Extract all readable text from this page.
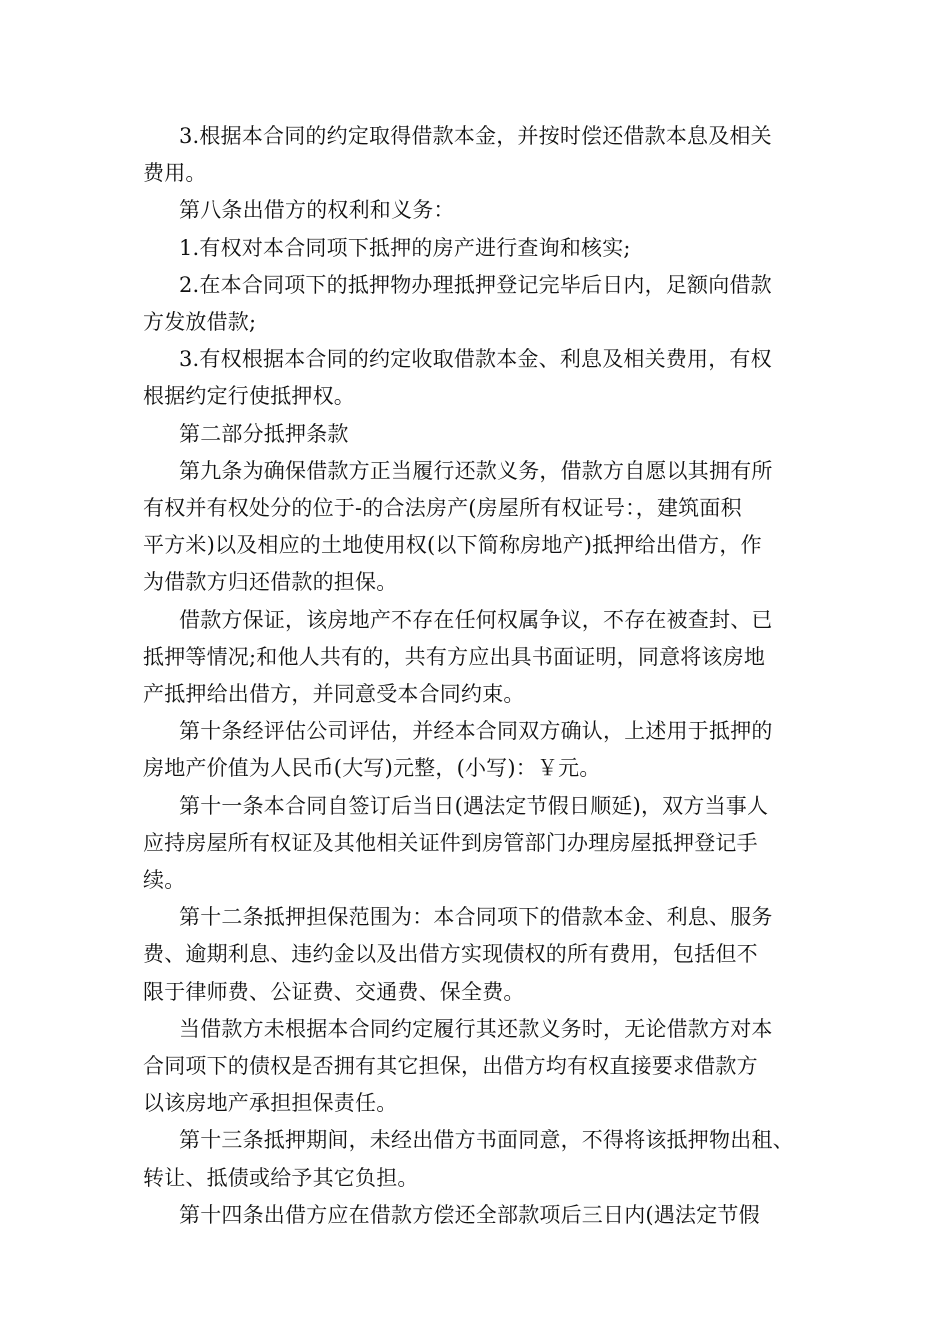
3.根据本合同的约定取得借款本金，并按时偿还借款本息及相关
费用。
第八条出借方的权利和义务：
1.有权对本合同项下抵押的房产进行查询和核实;
2.在本合同项下的抵押物办理抵押登记完毕后日内，足额向借款
方发放借款;
3.有权根据本合同的约定收取借款本金、利息及相关费用，有权
根据约定行使抵押权。
第二部分抵押条款
第九条为确保借款方正当履行还款义务，借款方自愿以其拥有所
有权并有权处分的位于-的合法房产(房屋所有权证号：，建筑面积
平方米)以及相应的土地使用权(以下简称房地产)抵押给出借方，作
为借款方归还借款的担保。
借款方保证，该房地产不存在任何权属争议，不存在被查封、已
抵押等情况;和他人共有的，共有方应出具书面证明，同意将该房地
产抵押给出借方，并同意受本合同约束。
第十条经评估公司评估，并经本合同双方确认，上述用于抵押的
房地产价值为人民币(大写)元整，(小写)：￥元。
第十一条本合同自签订后当日(遇法定节假日顺延)，双方当事人
应持房屋所有权证及其他相关证件到房管部门办理房屋抵押登记手
续。
第十二条抵押担保范围为：本合同项下的借款本金、利息、服务
费、逾期利息、违约金以及出借方实现债权的所有费用，包括但不
限于律师费、公证费、交通费、保全费。
当借款方未根据本合同约定履行其还款义务时，无论借款方对本
合同项下的债权是否拥有其它担保，出借方均有权直接要求借款方
以该房地产承担担保责任。
第十三条抵押期间，未经出借方书面同意，不得将该抵押物出租、
转让、抵债或给予其它负担。
第十四条出借方应在借款方偿还全部款项后三日内(遇法定节假
